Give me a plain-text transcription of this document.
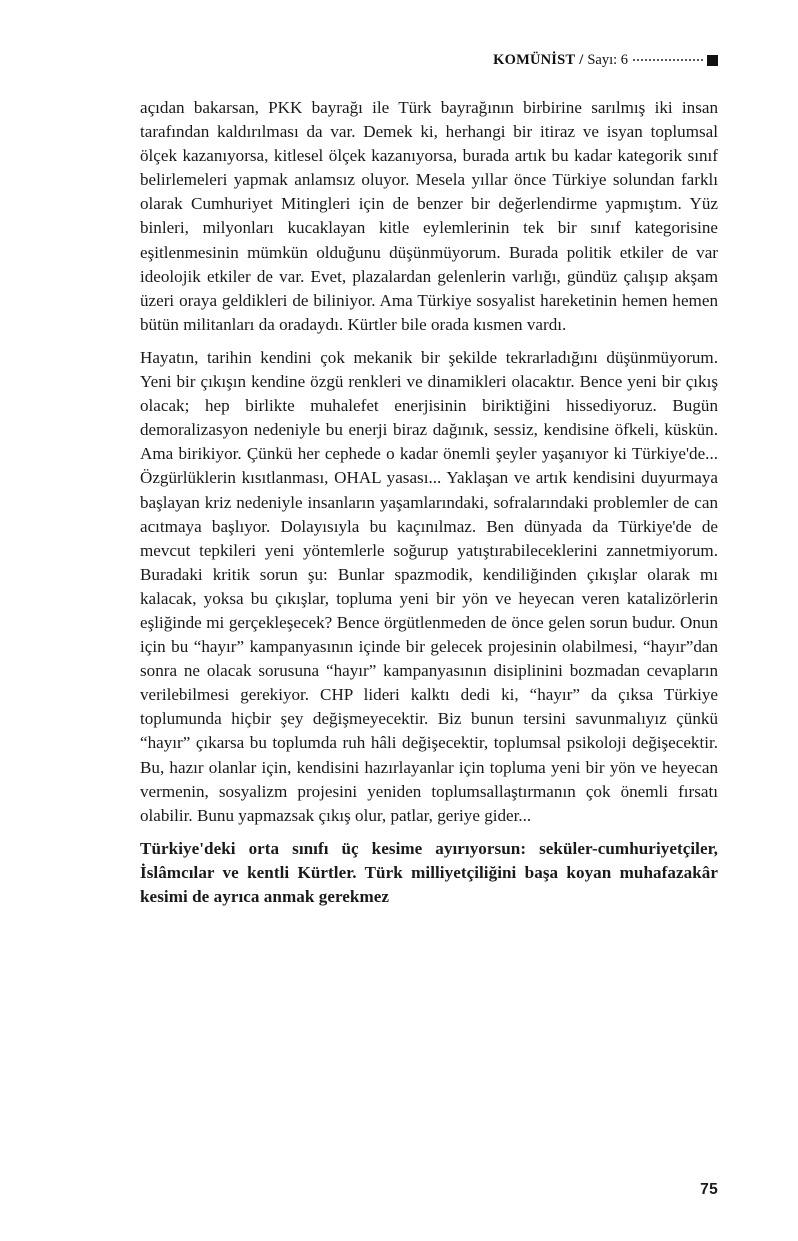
KOMÜNİST / Sayı: 6

açıdan bakarsan, PKK bayrağı ile Türk bayrağının birbirine sarılmış iki insan tarafından kaldırılması da var. Demek ki, herhangi bir itiraz ve isyan toplumsal ölçek kazanıyorsa, kitlesel ölçek kazanıyorsa, burada artık bu kadar kategorik sınıf belirlemeleri yapmak anlamsız oluyor. Mesela yıllar önce Türkiye solundan farklı olarak Cumhuriyet Mitingleri için de benzer bir değerlendirme yapmıştım. Yüz binleri, milyonları kucaklayan kitle eylemlerinin tek bir sınıf kategorisine eşitlenmesinin mümkün olduğunu düşünmüyorum. Burada politik etkiler de var ideolojik etkiler de var. Evet, plazalardan gelenlerin varlığı, gündüz çalışıp akşam üzeri oraya geldikleri de biliniyor. Ama Türkiye sosyalist hareketinin hemen hemen bütün militanları da oradaydı. Kürtler bile orada kısmen vardı.

Hayatın, tarihin kendini çok mekanik bir şekilde tekrarladığını düşünmüyorum. Yeni bir çıkışın kendine özgü renkleri ve dinamikleri olacaktır. Bence yeni bir çıkış olacak; hep birlikte muhalefet enerjisinin biriktiğini hissediyoruz. Bugün demoralizasyon nedeniyle bu enerji biraz dağınık, sessiz, kendisine öfkeli, küskün. Ama birikiyor. Çünkü her cephede o kadar önemli şeyler yaşanıyor ki Türkiye'de... Özgürlüklerin kısıtlanması, OHAL yasası... Yaklaşan ve artık kendisini duyurmaya başlayan kriz nedeniyle insanların yaşamlarındaki, sofralarındaki problemler de can acıtmaya başlıyor. Dolayısıyla bu kaçınılmaz. Ben dünyada da Türkiye'de de mevcut tepkileri yeni yöntemlerle soğurup yatıştırabileceklerini zannetmiyorum. Buradaki kritik sorun şu: Bunlar spazmodik, kendiliğinden çıkışlar olarak mı kalacak, yoksa bu çıkışlar, topluma yeni bir yön ve heyecan veren katalizörlerin eşliğinde mi gerçekleşecek? Bence örgütlenmeden de önce gelen sorun budur. Onun için bu “hayır” kampanyasının içinde bir gelecek projesinin olabilmesi, “hayır”dan sonra ne olacak sorusuna “hayır” kampanyasının disiplinini bozmadan cevapların verilebilmesi gerekiyor. CHP lideri kalktı dedi ki, “hayır” da çıksa Türkiye toplumunda hiçbir şey değişmeyecektir. Biz bunun tersini savunmalıyız çünkü “hayır” çıkarsa bu toplumda ruh hâli değişecektir, toplumsal psikoloji değişecektir. Bu, hazır olanlar için, kendisini hazırlayanlar için topluma yeni bir yön ve heyecan vermenin, sosyalizm projesini yeniden toplumsallaştırmanın çok önemli fırsatı olabilir. Bunu yapmazsak çıkış olur, patlar, geriye gider...

Türkiye'deki orta sınıfı üç kesime ayırıyorsun: seküler-cumhuriyetçiler, İslâmcılar ve kentli Kürtler. Türk milliyetçiliğini başa koyan muhafazakâr kesimi de ayrıca anmak gerekmez

75
